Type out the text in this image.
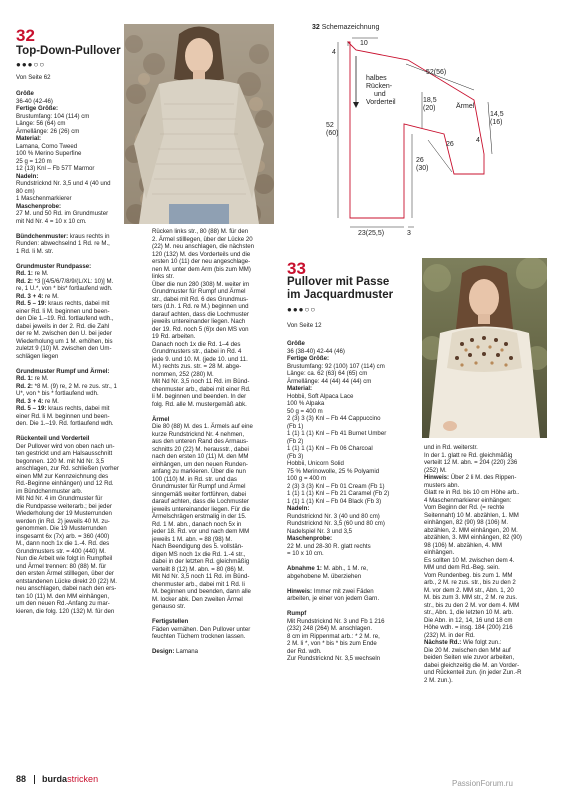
32
Top-Down-Pullover
●●●○○
Von Seite 62
Größe
36-40 (42-46)
Fertige Größe:
Brustumfang: 104 (114) cm
Länge: 56 (64) cm
Ärmellänge: 26 (26) cm
Material:
Lamana, Como Tweed
100 % Merino Superfine
25 g = 120 m
12 (13) Knl – Fb 57T Marmor
Nadeln:
Rundstricknd Nr. 3,5 und 4 (40 und
80 cm)
1 Maschenmarkierer
Maschenprobe:
27 M. und 50 Rd. im Grundmuster
mit Nd Nr. 4 = 10 x 10 cm.
Bündchenmuster: kraus rechts in
Runden: abwechselnd 1 Rd. re M.,
1 Rd. li M. str.
Grundmuster Rundpasse:
Rd. 1: re M.
Rd. 2: *3 [(4/5/6/7/8/9/(L/XL: 10)] M.
re, 1 U.*, von * bis* fortlaufend wdh.
Rd. 3 + 4: re M.
Rd. 5 – 19: kraus rechts, dabei mit
einer Rd. li M. beginnen und been-
den Die 1.–19. Rd. fortlaufend wdh.,
dabei jeweils in der 2. Rd. die Zahl
der re M. zwischen den U. bei jeder
Wiederholung um 1 M. erhöhen, bis
zuletzt 9 (10) M. zwischen den Um-
schlägen liegen
Grundmuster Rumpf und Ärmel:
Rd. 1: re M.
Rd. 2: *8 M. (9) re, 2 M. re zus. str., 1
U*, von * bis * fortlaufend wdh.
Rd. 3 + 4: re M.
Rd. 5 – 19: kraus rechts, dabei mit
einer Rd. li M. beginnen und been-
den. Die 1.–19. Rd. fortlaufend wdh.
Rückenteil und Vorderteil
Der Pullover wird von oben nach un-
ten gestrickt und am Halsausschnitt
begonnen. 120 M. mit Nd Nr. 3,5
anschlagen, zur Rd. schließen (vorher
einen MM zur Kennzeichnung des
Rd.-Beginne einhängen) und 12 Rd.
im Bündchenmuster arb.
Mit Nd Nr. 4 im Grundmuster für
die Rundpasse weiterarb.; bei jeder
Wiederholung der 19 Musterrunden
werden (in Rd. 2) jeweils 40 M. zu-
genommen. Die 19 Musterrunden
insgesamt 6x (7x) arb. = 360 (400)
M., dann noch 1x die 1.-4. Rd. des
Grundmusters str. = 400 (440) M.
Nun die Arbeit wie folgt in Rumpfteil
und Ärmel trennen: 80 (88) M. für
den ersten Ärmel stilllegen, über der
entstandenen Lücke direkt 20 (22) M.
neu anschlagen, dabei nach den ers-
ten 10 (11) M. den MM einhängen,
um den neuen Rd.-Anfang zu mar-
kieren, die folg. 120 (132) M. für den
Rücken links str., 80 (88) M. für den
2. Ärmel stilllegen, über der Lücke 20
(22) M. neu anschlagen, die nächsten
120 (132) M. des Vorderteils und die
ersten 10 (11) der neu angeschlage-
nen M. unter dem Arm (bis zum MM)
links str.
Über die nun 280 (308) M. weiter im
Grundmuster für Rumpf und Ärmel
str., dabei mit Rd. 6 des Grundmus-
ters (d.h. 1 Rd. re M.) beginnen und
darauf achten, dass die Lochmuster
jeweils untereinander liegen. Nach
der 19. Rd. noch 5 (6)x den MS von
19 Rd. arbeiten.
Danach noch 1x die Rd. 1–4 des
Grundmusters str., dabei in Rd. 4
jede 9. und 10. M. (jede 10. und 11.
M.) rechts zus. str. = 28 M. abge-
nommen, 252 (280) M.
Mit Nd Nr. 3,5 noch 11 Rd. im Bünd-
chenmuster arb., dabei mit einer Rd.
li M. beginnen und beenden. In der
folg. Rd. alle M. mustergemäß abk.
Ärmel
Die 80 (88) M. des 1. Ärmels auf eine
kurze Rundstricknd Nr. 4 nehmen,
aus den unteren Rand des Armaus-
schnitts 20 (22) M. herausstr., dabei
nach den ersten 10 (11) M. den MM
einhängen, um den neuen Runden-
anfang zu markieren. Über die nun
100 (110) M. in Rd. str. und das
Grundmuster für Rumpf und Ärmel
sinngemäß weiter fortführen, dabei
darauf achten, dass die Lochmuster
jeweils untereinander liegen. Für die
Ärmelschrägen erstmalig in der 15.
Rd. 1 M. abn., danach noch 5x in
jeder 18. Rd. vor und nach dem MM
jeweils 1 M. abn. = 88 (98) M.
Nach Beendigung des 5. vollstän-
digen MS noch 1x die Rd. 1.-4 str.,
dabei in der letzten Rd. gleichmäßig
verteilt 8 (12) M. abn. = 80 (86) M.
Mit Nd Nr. 3,5 noch 11 Rd. im Bünd-
chenmuster arb., dabei mit 1 Rd. li
M. beginnen und beenden, dann alle
M. locker abk. Den zweiten Ärmel
genauso str.
Fertigstellen
Fäden vernähen. Den Pullover unter
feuchten Tüchern trocknen lassen.
Design: Lamana
32 Schemazeichnung
4
10
halbes
Rücken-
und
Vorderteil
52(56)
18,5
(20)	Ärmel
14,5
(16)
26
4
52
(60)
26
(30)
23(25,5)	3
33
Pullover mit Passe
im Jacquardmuster
●●●○○
Von Seite 12
Größe
36 (38-40) 42-44 (46)
Fertige Größe:
Brustumfang: 92 (100) 107 (114) cm
Länge: ca. 62 (63) 64 (65) cm
Ärmellänge: 44 (44) 44 (44) cm
Material:
Hobbii, Soft Alpaca Lace
100 % Alpaka
50 g = 400 m
2 (3) 3 (3) Knl – Fb 44 Cappuccino
(Fb 1)
1 (1) 1 (1) Knl – Fb 41 Burnet Umber
(Fb 2)
1 (1) 1 (1) Knl – Fb 06 Charcoal
(Fb 3)
Hobbii, Unicorn Solid
75 % Merinowolle, 25 % Polyamid
100 g = 400 m
2 (3) 3 (3) Knl – Fb 01 Cream (Fb 1)
1 (1) 1 (1) Knl – Fb 21 Caramel (Fb 2)
1 (1) 1 (1) Knl – Fb 04 Black (Fb 3)
Nadeln:
Rundstricknd Nr. 3 (40 und 80 cm)
Rundstricknd Nr. 3,5 (60 und 80 cm)
Nadelspiel Nr. 3 und 3,5
Maschenprobe:
22 M. und 28-30 R. glatt rechts
= 10 x 10 cm.
Abnahme 1: M. abh., 1 M. re,
abgehobene M. überziehen
Hinweis: Immer mit zwei Fäden
arbeiten, je einer von jedem Garn.
Rumpf
Mit Rundstricknd Nr. 3 und Fb 1 216
(232) 248 (264) M. anschlagen.
8 cm im Rippenmat arb.: * 2 M. re,
2 M. li *, von * bis * bis zum Ende
der Rd. wdh.
Zur Rundstricknd Nr. 3,5 wechseln
und in Rd. weiterstr.
In der 1. glatt re Rd. gleichmäßig
verteilt 12 M. abn. = 204 (220) 236
(252) M.
Hinweis: Über 2 li M. des Rippen-
musters abn.
Glatt re in Rd. bis 10 cm Höhe arb..
4 Maschenmarkierer einhängen:
Vom Beginn der Rd. (= rechte
Seitennaht) 10 M. abzählen, 1. MM
einhängen, 82 (90) 98 (106) M.
abzählen, 2. MM einhängen, 20 M.
abzählen, 3. MM einhängen, 82 (90)
98 (106) M. abzählen, 4. MM
einhängen.
Es sollten 10 M. zwischen dem 4.
MM und dem Rd.-Beg. sein.
Vom Rundenbeg. bis zum 1. MM
arb., 2 M. re zus. str., bis zu den 2
M. vor dem 2. MM str., Abn. 1, 20
M. bis zum 3. MM str., 2 M. re zus.
str., bis zu den 2 M. vor dem 4. MM
str., Abn. 1, die letzten 10 M. arb.
Die Abn. in 12, 14, 16 und 18 cm
Höhe wdh. = insg. 184 (200) 216
(232) M. in der Rd.
Nächste Rd.: Wie folgt zun.:
Die 20 M. zwischen den MM auf
beiden Seiten wie zuvor arbeiten,
dabei gleichzeitig die M. an Vorder-
und Rückenteil zun. (in jeder Zun.-R
2 M. zun.).
88 burdastricken	PassionForum.ru
